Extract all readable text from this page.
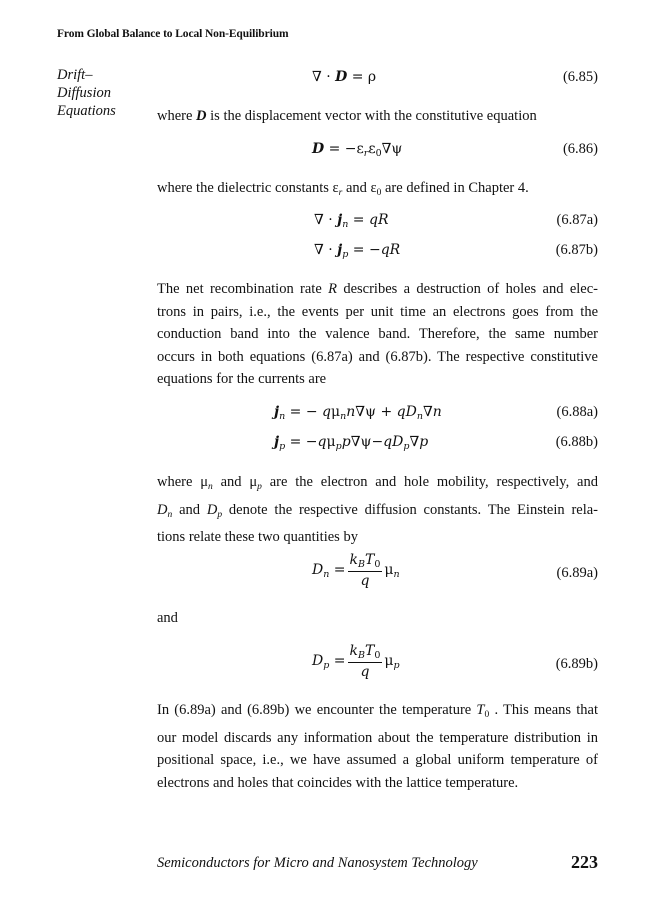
From Global Balance to Local Non-Equilibrium
Drift–
Diffusion
Equations
∇ · D = ρ	(6.85)
where D is the displacement vector with the constitutive equation
$D = -\varepsilon_r\varepsilon_0\nabla\psi$	(6.86)
where the dielectric constants $\varepsilon_r$ and $\varepsilon_0$ are defined in Chapter 4.
∇ · $j_n$ = qR	(6.87a)
∇ · $j_p = -qR$	(6.87b)
The net recombination rate R describes a destruction of holes and elec-
trons in pairs, i.e., the events per unit time an electrons goes from the
conduction band into the valence band. Therefore, the same number
occurs in both equations (6.87a) and (6.87b). The respective constitutive
equations for the currents are
$j_n$ = − $q\mu_nn\nabla\psi + qD_n\nabla n$	(6.88a)
$j_p = -q\mu_pp\nabla\psi-qD_p\nabla p$	(6.88b)
where $\mu_n$ and $\mu_p$ are the electron and hole mobility, respectively, and
$D_n$ and $D_p$ denote the respective diffusion constants. The Einstein rela-
tions relate these two quantities by
$D_n = \frac{k_BT_0}{q} \mu_n$	(6.89a)
and
$D_p = \frac{k_BT_0}{q} \mu_p$	(6.89b)
In (6.89a) and (6.89b) we encounter the temperature $T_0$ . This means that
our model discards any information about the temperature distribution in
positional space, i.e., we have assumed a global uniform temperature of
electrons and holes that coincides with the lattice temperature.
Semiconductors for Micro and Nanosystem Technology	223
